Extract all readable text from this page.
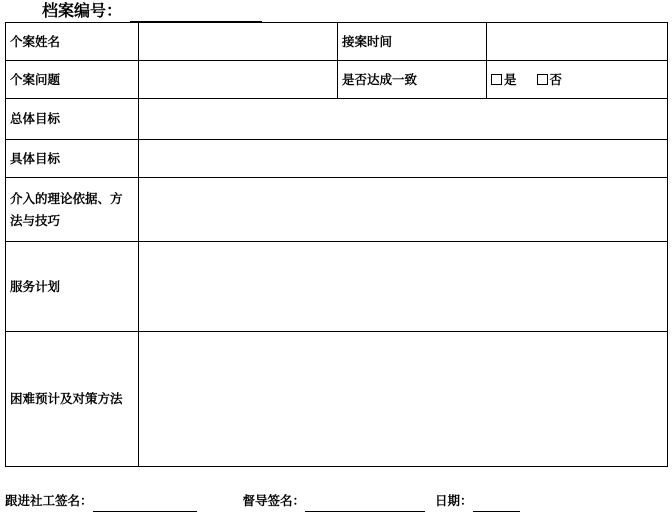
档案编号：
个案姓名		接案时间	
个案问题		是否达成一致	是 否
总体目标			
具体目标			
介入的理论依据、方法与技巧			
服务计划			
困难预计及对策方法			
跟进社工签名：	督导签名：	日期：
